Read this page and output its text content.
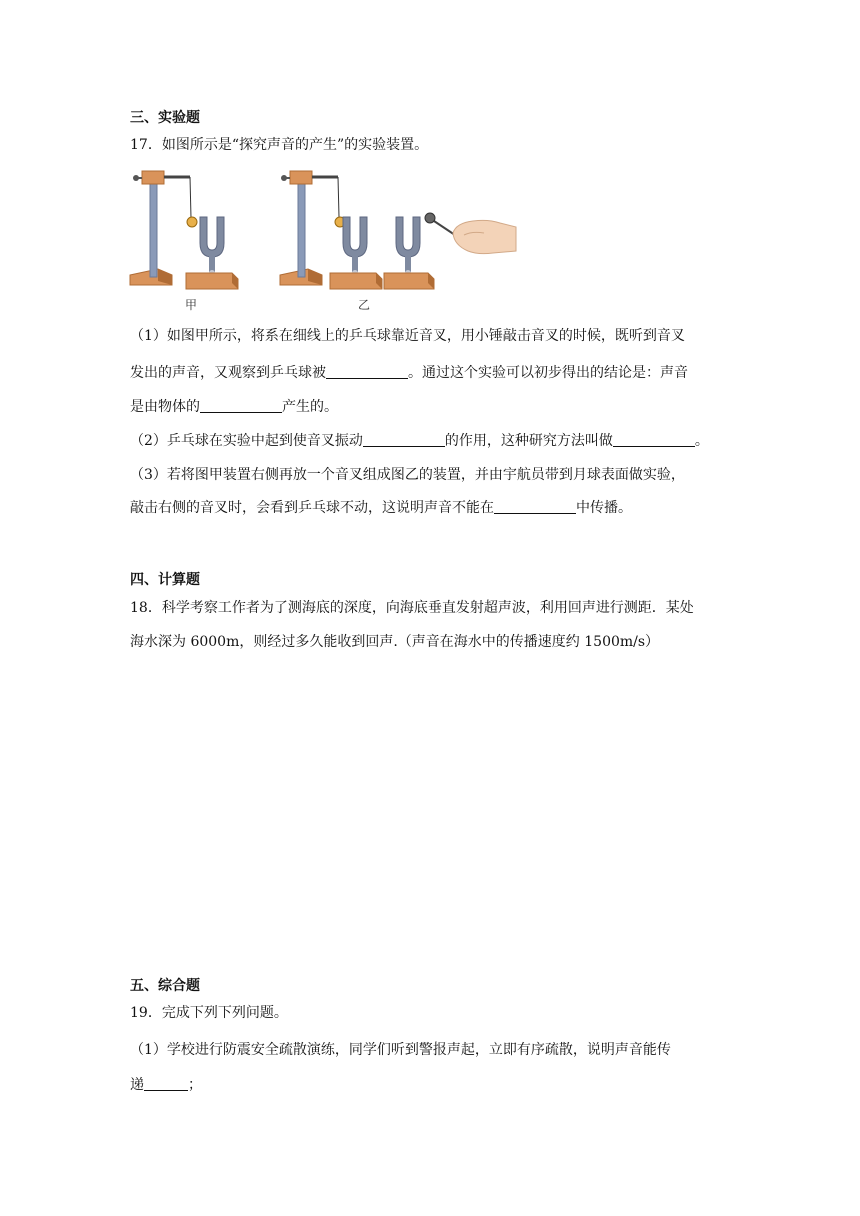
三、实验题
17．如图所示是“探究声音的产生”的实验装置。
甲	乙
（1）如图甲所示，将系在细线上的乒乓球靠近音叉，用小锤敲击音叉的时候，既听到音叉
发出的声音，又观察到乒乓球被	。通过这个实验可以初步得出的结论是：声音
是由物体的	产生的。
（2）乒乓球在实验中起到使音叉振动	的作用，这种研究方法叫做	。
（3）若将图甲装置右侧再放一个音叉组成图乙的装置，并由宇航员带到月球表面做实验，
敲击右侧的音叉时，会看到乒乓球不动，这说明声音不能在	中传播。
四、计算题
18．科学考察工作者为了测海底的深度，向海底垂直发射超声波，利用回声进行测距．某处
海水深为 6000m，则经过多久能收到回声.（声音在海水中的传播速度约 1500m/s）
五、综合题
19．完成下列下列问题。
（1）学校进行防震安全疏散演练，同学们听到警报声起，立即有序疏散，说明声音能传
递	；
